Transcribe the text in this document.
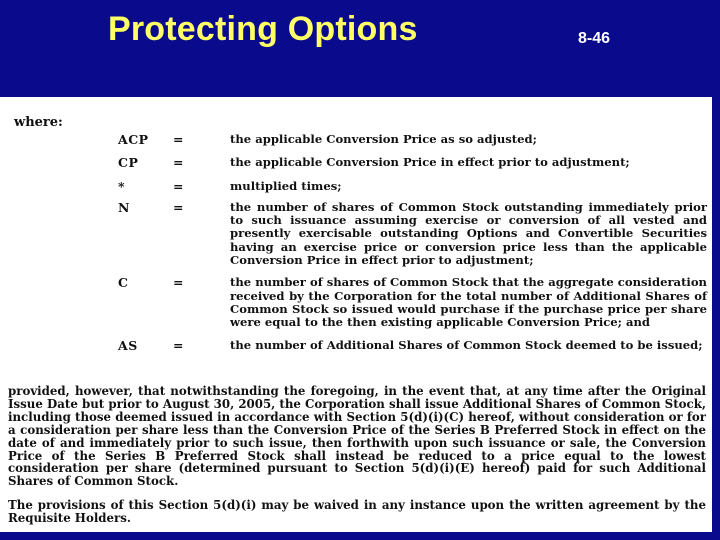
Protecting Options	8-46
where:
ACP	=	the applicable Conversion Price as so adjusted;
CP	=	the applicable Conversion Price in effect prior to adjustment;
*	=	multiplied times;
N	=	the number of shares of Common Stock outstanding immediately prior to such issuance assuming exercise or conversion of all vested and presently exercisable outstanding Options and Convertible Securities having an exercise price or conversion price less than the applicable Conversion Price in effect prior to adjustment;
C	=	the number of shares of Common Stock that the aggregate consideration received by the Corporation for the total number of Additional Shares of Common Stock so issued would purchase if the purchase price per share were equal to the then existing applicable Conversion Price; and
AS	=	the number of Additional Shares of Common Stock deemed to be issued;
provided, however, that notwithstanding the foregoing, in the event that, at any time after the Original Issue Date but prior to August 30, 2005, the Corporation shall issue Additional Shares of Common Stock, including those deemed issued in accordance with Section 5(d)(i)(C) hereof, without consideration or for a consideration per share less than the Conversion Price of the Series B Preferred Stock in effect on the date of and immediately prior to such issue, then forthwith upon such issuance or sale, the Conversion Price of the Series B Preferred Stock shall instead be reduced to a price equal to the lowest consideration per share (determined pursuant to Section 5(d)(i)(E) hereof) paid for such Additional Shares of Common Stock.
The provisions of this Section 5(d)(i) may be waived in any instance upon the written agreement by the Requisite Holders.
